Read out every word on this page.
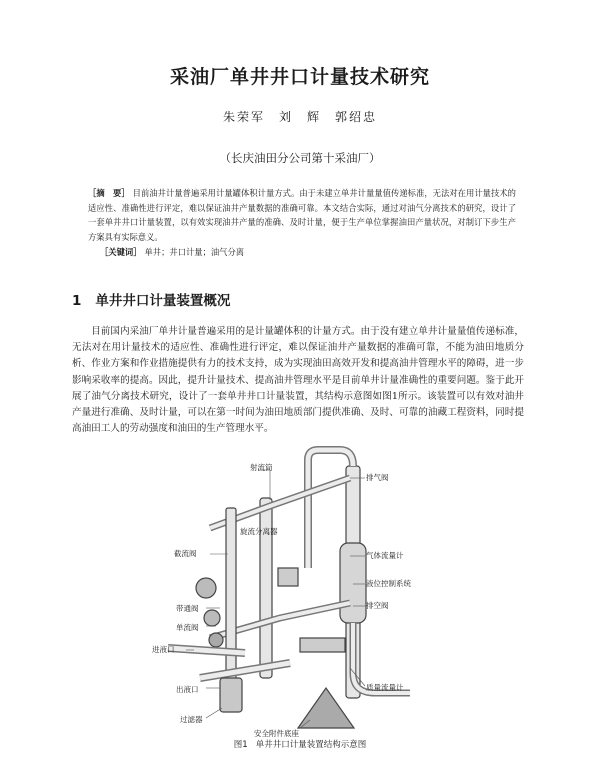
采油厂单井井口计量技术研究
朱荣军　刘　辉　郭绍忠
（长庆油田分公司第十采油厂）
［摘　要］ 目前油井计量普遍采用计量罐体积计量方式。由于未建立单井计量量值传递标准，无法对在用计量技术的适应性、准确性进行评定，难以保证油井产量数据的准确可靠。本文结合实际，通过对油气分离技术的研究，设计了一套单井井口计量装置，以有效实现油井产量的准确、及时计量，便于生产单位掌握油田产量状况，对制订下步生产方案具有实际意义。
［关键词］ 单井；井口计量；油气分离
1 单井井口计量装置概况
目前国内采油厂单井计量普遍采用的是计量罐体积的计量方式。由于没有建立单井计量量值传递标准，无法对在用计量技术的适应性、准确性进行评定，难以保证油井产量数据的准确可靠，不能为油田地质分析、作业方案和作业措施提供有力的技术支持，成为实现油田高效开发和提高油井管理水平的障碍，进一步影响采收率的提高。因此，提升计量技术、提高油井管理水平是目前单井计量准确性的重要问题。鉴于此开展了油气分离技术研究，设计了一套单井井口计量装置，其结构示意图如图1所示。该装置可以有效对油井产量进行准确、及时计量，可以在第一时间为油田地质部门提供准确、及时、可靠的油藏工程资料，同时提高油田工人的劳动强度和油田的生产管理水平。
射流筒
排气阀
旋流分离器
截流阀	气体流量计
液位控制系统
排空阀
带通阀
单流阀
进液口
质量流量计
出液口
过滤器
安全附件底座
图1 单井井口计量装置结构示意图
